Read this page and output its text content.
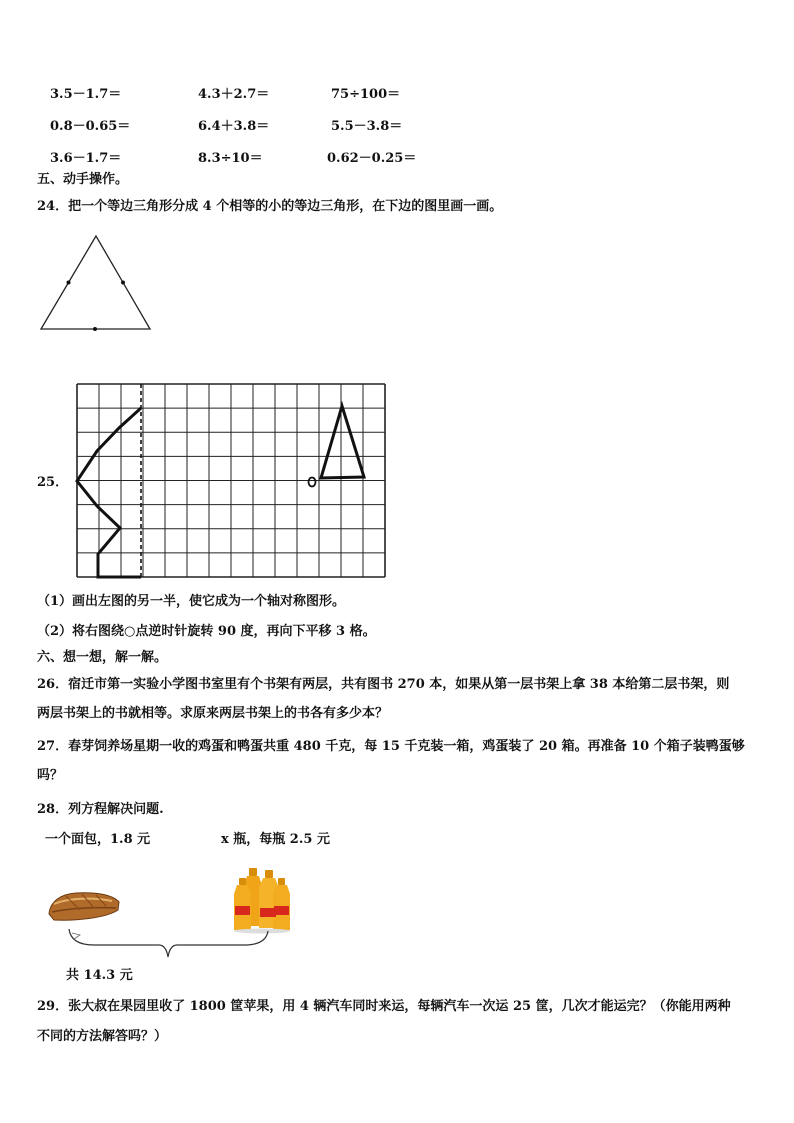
3.5－1.7＝	4.3＋2.7＝	75÷100＝
0.8－0.65＝	6.4＋3.8＝	5.5－3.8＝
3.6－1.7＝	8.3÷10＝	0.62－0.25＝
五、动手操作。
24．把一个等边三角形分成 4 个相等的小的等边三角形，在下边的图里画一画。
25．
（1）画出左图的另一半，使它成为一个轴对称图形。
（2）将右图绕○点逆时针旋转 90 度，再向下平移 3 格。
六、想一想，解一解。
26．宿迁市第一实验小学图书室里有个书架有两层，共有图书 270 本，如果从第一层书架上拿 38 本给第二层书架，则
两层书架上的书就相等。求原来两层书架上的书各有多少本？
27．春芽饲养场星期一收的鸡蛋和鸭蛋共重 480 千克，每 15 千克装一箱，鸡蛋装了 20 箱。再准备 10 个箱子装鸭蛋够
吗？
28．列方程解决问题.
一个面包，1.8 元	x 瓶，每瓶 2.5 元
共 14.3 元
29．张大叔在果园里收了 1800 筐苹果，用 4 辆汽车同时来运，每辆汽车一次运 25 筐，几次才能运完？（你能用两种
不同的方法解答吗？）
